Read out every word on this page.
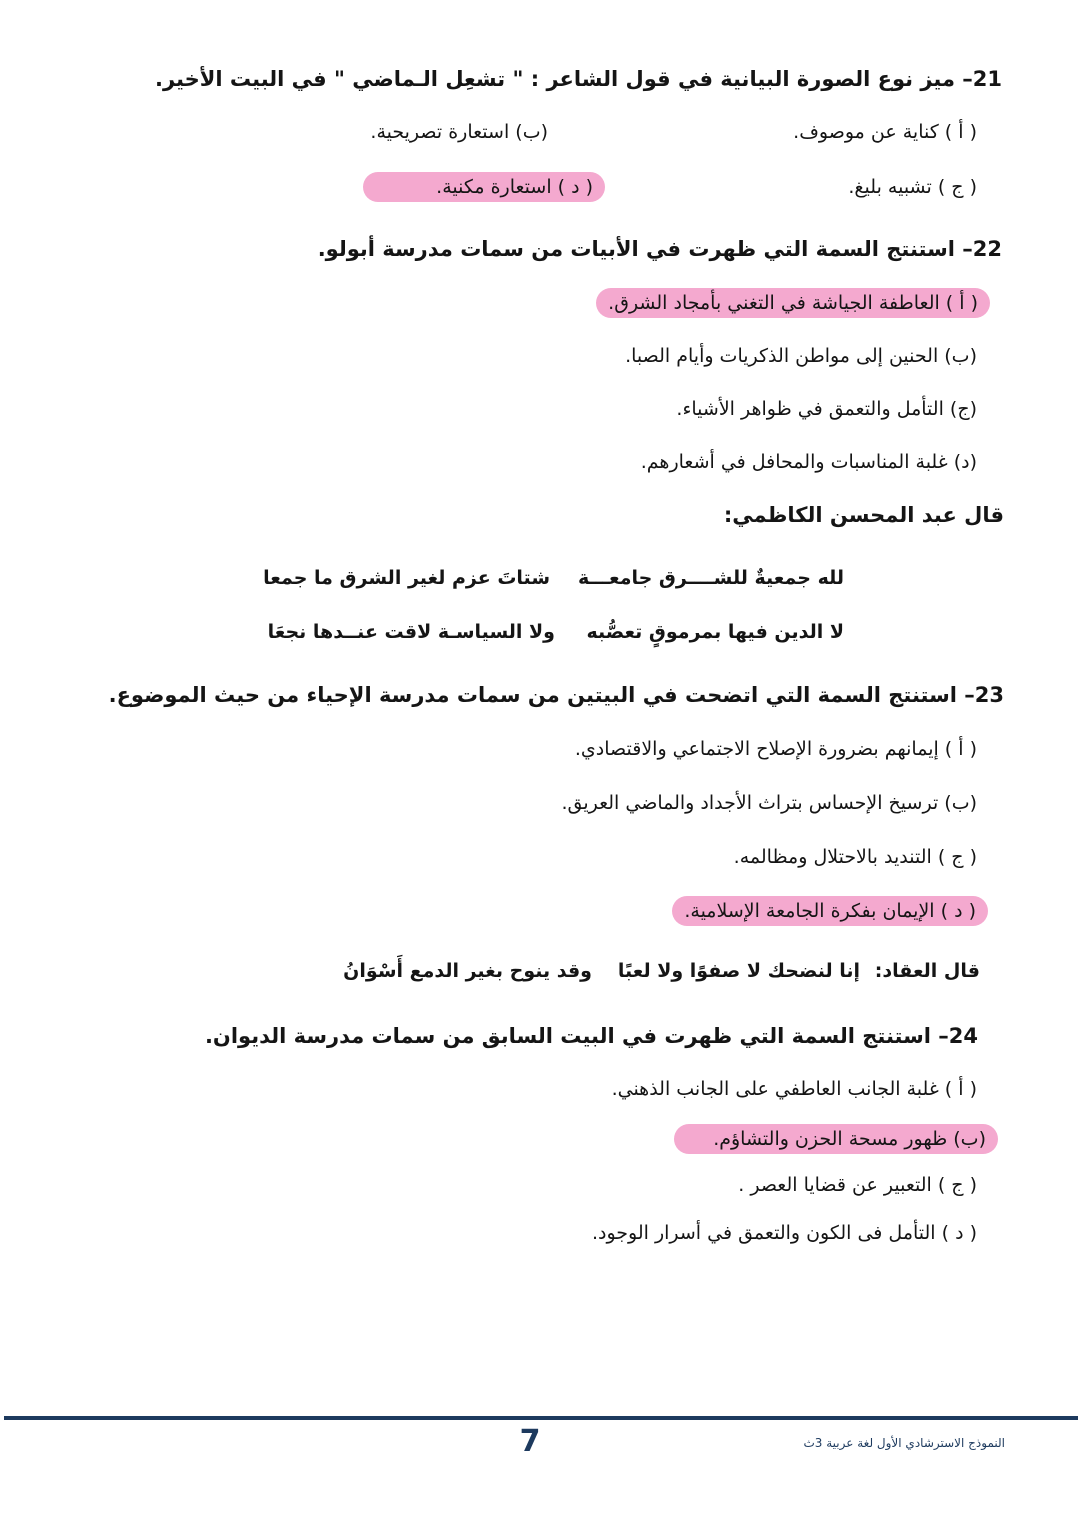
21– ميز نوع الصورة البيانية في قول الشاعر : " تشعِل الـماضي " في البيت الأخير.
( أ ) كناية عن موصوف.
(ب) استعارة تصريحية.
( ج ) تشبيه بليغ.
( د ) استعارة مكنية.
22– استنتج السمة التي ظهرت في الأبيات من سمات مدرسة أبولو.
( أ ) العاطفة الجياشة في التغني بأمجاد الشرق.
(ب) الحنين إلى مواطن الذكريات وأيام الصبا.
(ج) التأمل والتعمق في ظواهر الأشياء.
(د) غلبة المناسبات والمحافل في أشعارهم.
قال عبد المحسن الكاظمي:
لله جمعيةٌ للشــــرق جامعـــة
شتاتَ عزم لغير الشرق ما جمعا
لا الدين فيها بمرموقٍ تعصُّبه
ولا السياسـة لاقت عنــدها نجعَا
23– استنتج السمة التي اتضحت في البيتين من سمات مدرسة الإحياء من حيث الموضوع.
( أ ) إيمانهم بضرورة الإصلاح الاجتماعي والاقتصادي.
(ب) ترسيخ الإحساس بتراث الأجداد والماضي العريق.
( ج ) التنديد بالاحتلال ومظالمه.
( د ) الإيمان بفكرة الجامعة الإسلامية.
قال العقاد:
إنا لنضحك لا صفوًا ولا لعبًا
وقد ينوح بغير الدمع أَسْوَانُ
24– استنتج السمة التي ظهرت في البيت السابق من سمات مدرسة الديوان.
( أ ) غلبة الجانب العاطفي على الجانب الذهني.
(ب) ظهور مسحة الحزن والتشاؤم.
( ج ) التعبير عن قضايا العصر .
( د ) التأمل فى الكون والتعمق في أسرار الوجود.
7	النموذج الاسترشادي الأول لغة عربية 3ث
